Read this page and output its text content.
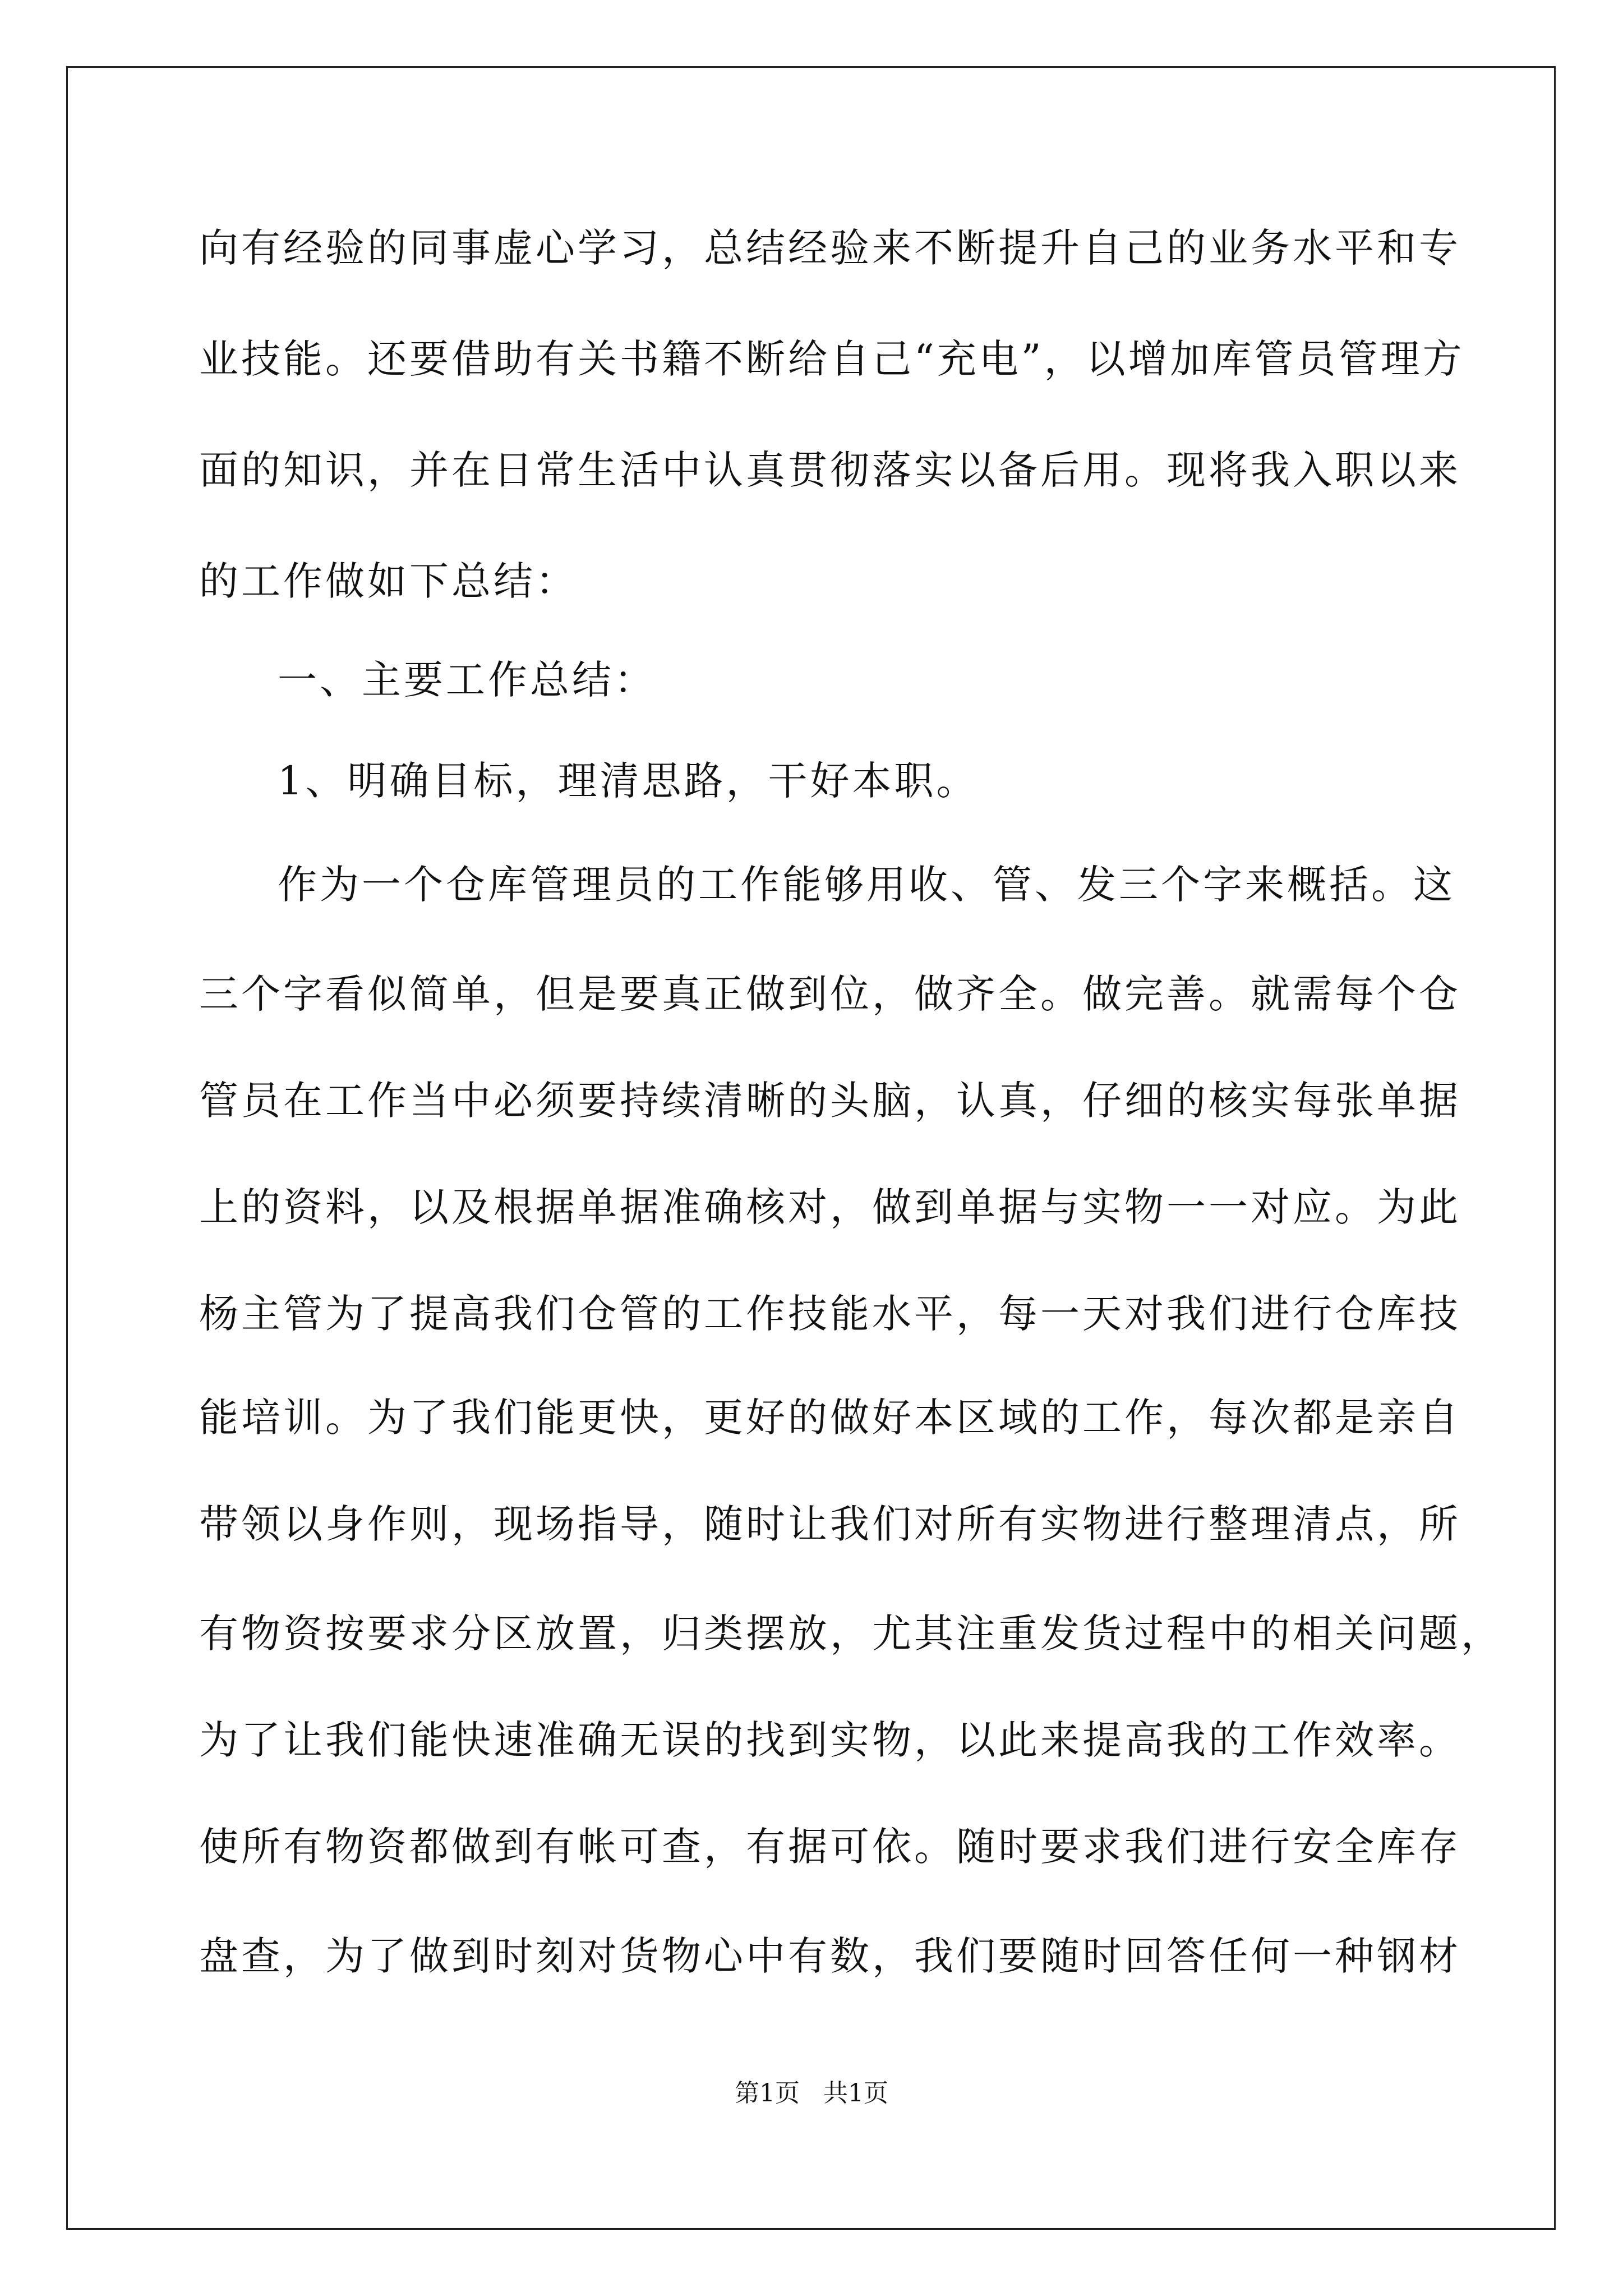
向有经验的同事虚心学习，总结经验来不断提升自己的业务水平和专
业技能。还要借助有关书籍不断给自己“充电”，以增加库管员管理方
面的知识，并在日常生活中认真贯彻落实以备后用。现将我入职以来
的工作做如下总结：
一、主要工作总结：
1、明确目标，理清思路，干好本职。
作为一个仓库管理员的工作能够用收、管、发三个字来概括。这
三个字看似简单，但是要真正做到位，做齐全。做完善。就需每个仓
管员在工作当中必须要持续清晰的头脑，认真，仔细的核实每张单据
上的资料，以及根据单据准确核对，做到单据与实物一一对应。为此
杨主管为了提高我们仓管的工作技能水平，每一天对我们进行仓库技
能培训。为了我们能更快，更好的做好本区域的工作，每次都是亲自
带领以身作则，现场指导，随时让我们对所有实物进行整理清点，所
有物资按要求分区放置，归类摆放，尤其注重发货过程中的相关问题，
为了让我们能快速准确无误的找到实物，以此来提高我的工作效率。
使所有物资都做到有帐可查，有据可依。随时要求我们进行安全库存
盘查，为了做到时刻对货物心中有数，我们要随时回答任何一种钢材
第1页   共1页
